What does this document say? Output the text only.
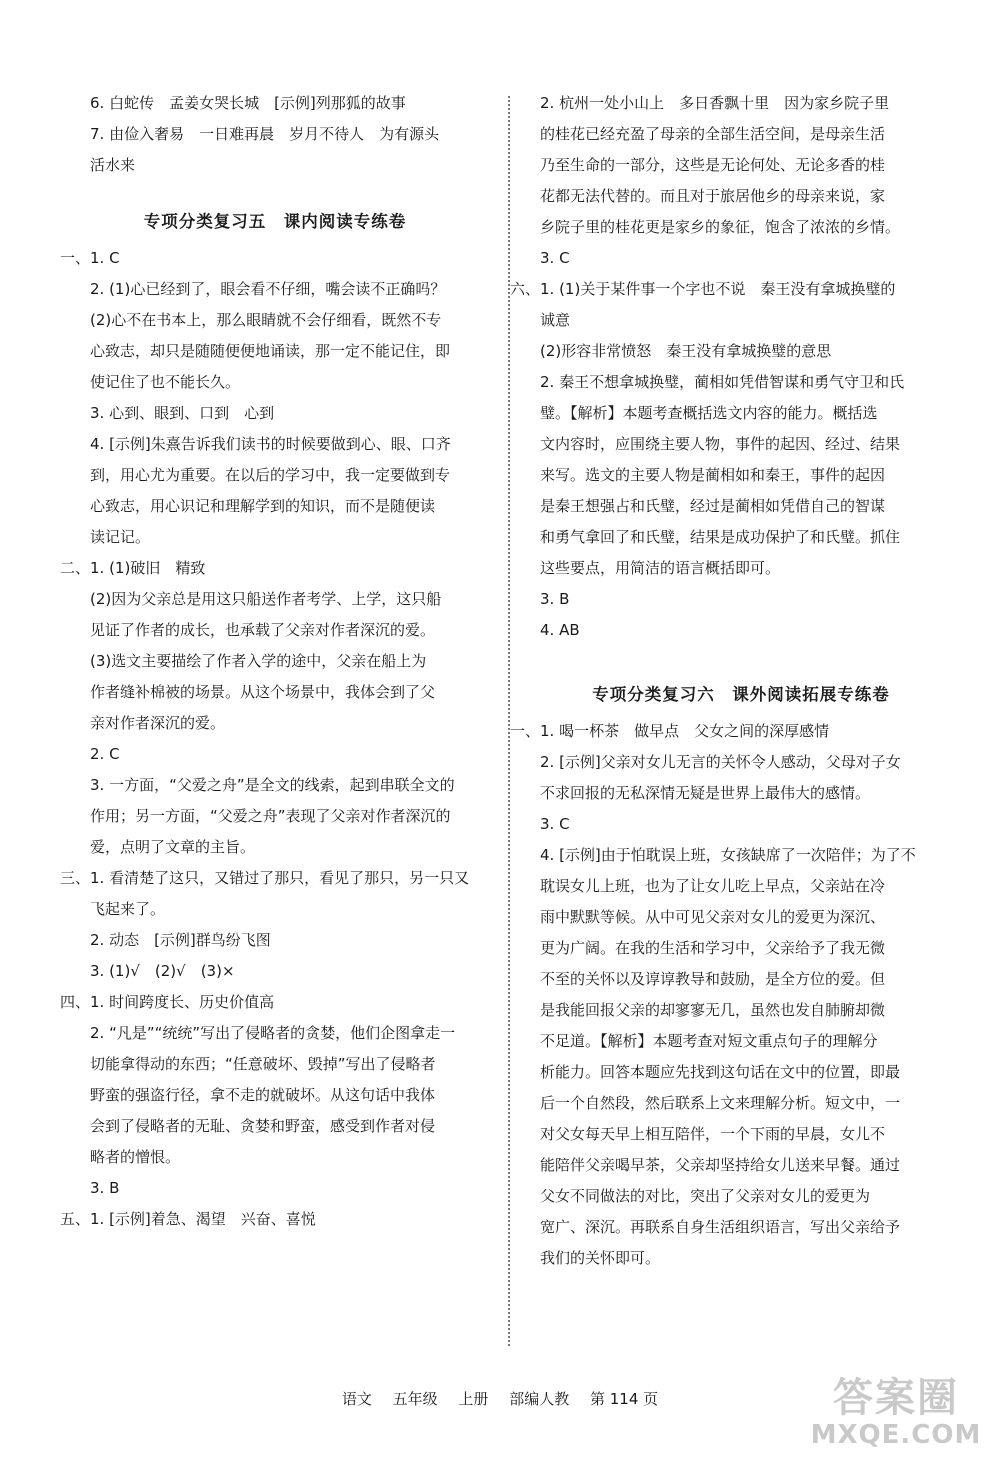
6. 白蛇传　孟姜女哭长城　[示例]列那狐的故事
7. 由俭入奢易　一日难再晨　岁月不待人　为有源头
活水来
专项分类复习五　课内阅读专练卷
一、1. C
2. (1)心已经到了，眼会看不仔细，嘴会读不正确吗？
(2)心不在书本上，那么眼睛就不会仔细看，既然不专
心致志，却只是随随便便地诵读，那一定不能记住，即
使记住了也不能长久。
3. 心到、眼到、口到　心到
4. [示例]朱熹告诉我们读书的时候要做到心、眼、口齐
到，用心尤为重要。在以后的学习中，我一定要做到专
心致志，用心识记和理解学到的知识，而不是随便读
读记记。
二、1. (1)破旧　精致
(2)因为父亲总是用这只船送作者考学、上学，这只船
见证了作者的成长，也承载了父亲对作者深沉的爱。
(3)选文主要描绘了作者入学的途中，父亲在船上为
作者缝补棉被的场景。从这个场景中，我体会到了父
亲对作者深沉的爱。
2. C
3. 一方面，“父爱之舟”是全文的线索，起到串联全文的
作用；另一方面，“父爱之舟”表现了父亲对作者深沉的
爱，点明了文章的主旨。
三、1. 看清楚了这只，又错过了那只，看见了那只，另一只又
飞起来了。
2. 动态　[示例]群鸟纷飞图
3. (1)√　(2)√　(3)×
四、1. 时间跨度长、历史价值高
2. “凡是”“统统”写出了侵略者的贪婪，他们企图拿走一
切能拿得动的东西；“任意破坏、毁掉”写出了侵略者
野蛮的强盗行径，拿不走的就破坏。从这句话中我体
会到了侵略者的无耻、贪婪和野蛮，感受到作者对侵
略者的憎恨。
3. B
五、1. [示例]着急、渴望　兴奋、喜悦
2. 杭州一处小山上　多日香飘十里　因为家乡院子里
的桂花已经充盈了母亲的全部生活空间，是母亲生活
乃至生命的一部分，这些是无论何处、无论多香的桂
花都无法代替的。而且对于旅居他乡的母亲来说，家
乡院子里的桂花更是家乡的象征，饱含了浓浓的乡情。
3. C
六、1. (1)关于某件事一个字也不说　秦王没有拿城换璧的
诚意
(2)形容非常愤怒　秦王没有拿城换璧的意思
2. 秦王不想拿城换璧，蔺相如凭借智谋和勇气守卫和氏
璧。【解析】本题考查概括选文内容的能力。概括选
文内容时，应围绕主要人物，事件的起因、经过、结果
来写。选文的主要人物是蔺相如和秦王，事件的起因
是秦王想强占和氏璧，经过是蔺相如凭借自己的智谋
和勇气拿回了和氏璧，结果是成功保护了和氏璧。抓住
这些要点，用简洁的语言概括即可。
3. B
4. AB
专项分类复习六　课外阅读拓展专练卷
一、1. 喝一杯茶　做早点　父女之间的深厚感情
2. [示例]父亲对女儿无言的关怀令人感动，父母对子女
不求回报的无私深情无疑是世界上最伟大的感情。
3. C
4. [示例]由于怕耽误上班，女孩缺席了一次陪伴；为了不
耽误女儿上班，也为了让女儿吃上早点，父亲站在冷
雨中默默等候。从中可见父亲对女儿的爱更为深沉、
更为广阔。在我的生活和学习中，父亲给予了我无微
不至的关怀以及谆谆教导和鼓励，是全方位的爱。但
是我能回报父亲的却寥寥无几，虽然也发自肺腑却微
不足道。【解析】本题考查对短文重点句子的理解分
析能力。回答本题应先找到这句话在文中的位置，即最
后一个自然段，然后联系上文来理解分析。短文中，一
对父女每天早上相互陪伴，一个下雨的早晨，女儿不
能陪伴父亲喝早茶，父亲却坚持给女儿送来早餐。通过
父女不同做法的对比，突出了父亲对女儿的爱更为
宽广、深沉。再联系自身生活组织语言，写出父亲给予
我们的关怀即可。
语文 五年级 上册 部编人教 第 114 页	答案圈
MXQE.COM
